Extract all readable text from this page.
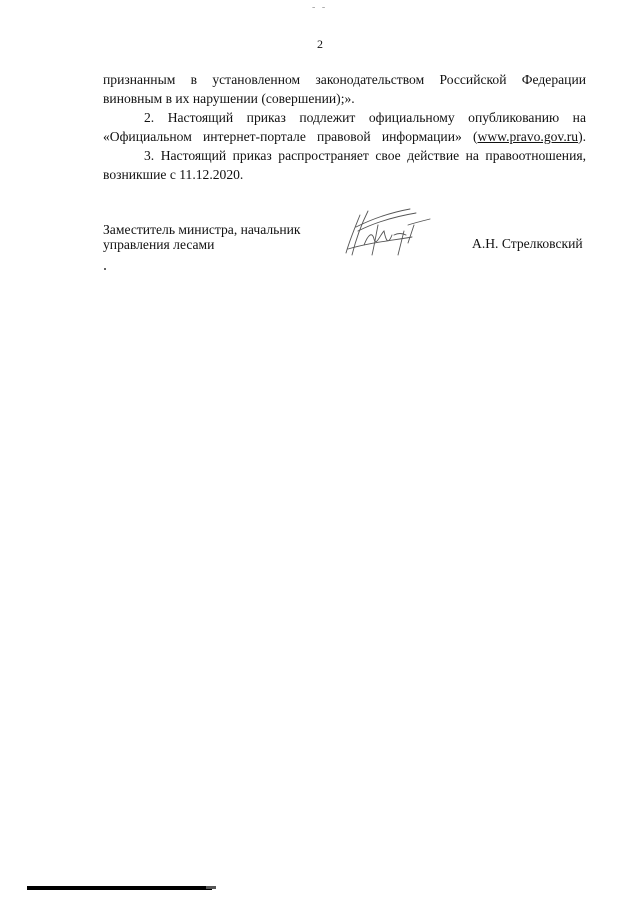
- -
2

признанным в установленном законодательством Российской Федерации

виновным в их нарушении (совершении);».

2. Настоящий приказ подлежит официальному опубликованию на

«Официальном интернет-портале правовой информации» (www.pravo.gov.ru).

3. Настоящий приказ распространяет свое действие на правоотношения,

возникшие с 11.12.2020.

Заместитель министра, начальник
управления лесами	А.Н. Стрелковский
